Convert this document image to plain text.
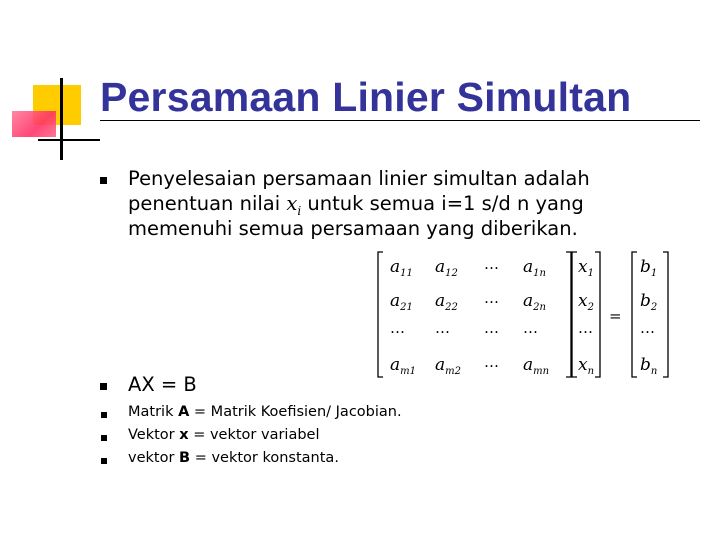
Persamaan Linier Simultan
Penyelesaian persamaan linier simultan adalah
penentuan nilai $x_i$ untuk semua i=1 s/d n yang
memenuhi semua persamaan yang diberikan.
$a_{11}$ $a_{12}$
… $a_{1n}$
$a_{21}$ $a_{22}$
… $a_{2n}$
… … … …
$a_{m1}$ $a_{m2}$
… $a_{mn}$
$x_1$
$x_2$
…
$x_n$
$b_1$
$b_2$
…
$b_n$
=
AX = B
Matrik A = Matrik Koefisien/ Jacobian.
Vektor x = vektor variabel
vektor B = vektor konstanta.
